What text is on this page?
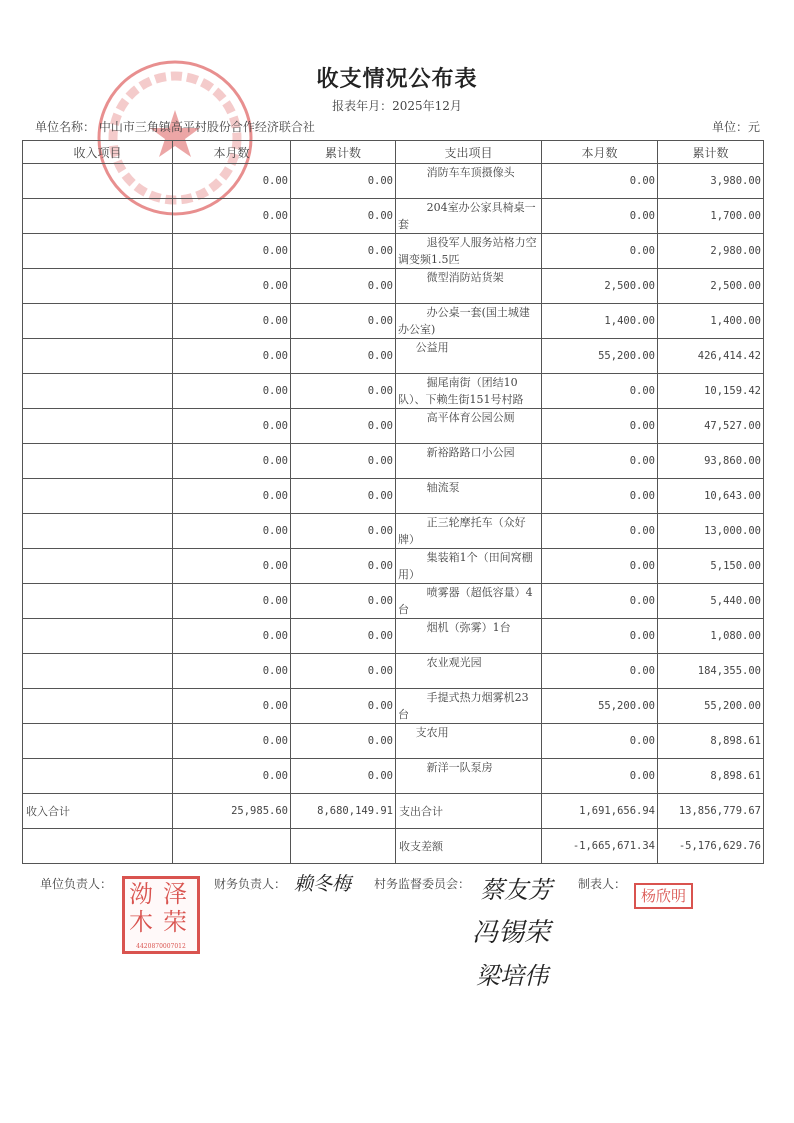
收支情况公布表
报表年月：2025年12月
单位名称： 中山市三角镇高平村股份合作经济联合社	单位：元
收入项目	本月数	累计数	支出项目	本月数	累计数

	0.00	0.00	消防车车顶摄像头	0.00	3,980.00

	0.00	0.00	204室办公家具椅桌一套	0.00	1,700.00

	0.00	0.00	退役军人服务站格力空调变频1.5匹	0.00	2,980.00

	0.00	0.00	微型消防站货架	2,500.00	2,500.00

	0.00	0.00	办公桌一套(国土城建办公室)	1,400.00	1,400.00

	0.00	0.00	公益用	55,200.00	426,414.42

	0.00	0.00	掘尾南街（团结10队）、下赖生街151号村路	0.00	10,159.42

	0.00	0.00	高平体育公园公厕	0.00	47,527.00

	0.00	0.00	新裕路路口小公园	0.00	93,860.00

	0.00	0.00	轴流泵	0.00	10,643.00

	0.00	0.00	正三轮摩托车（众好牌）	0.00	13,000.00

	0.00	0.00	集装箱1个（田间窝棚用）	0.00	5,150.00

	0.00	0.00	喷雾器（超低容量）4台	0.00	5,440.00

	0.00	0.00	烟机（弥雾）1台	0.00	1,080.00

	0.00	0.00	农业观光园	0.00	184,355.00

	0.00	0.00	手提式热力烟雾机23台	55,200.00	55,200.00

	0.00	0.00	支农用	0.00	8,898.61

	0.00	0.00	新洋一队泵房	0.00	8,898.61
收入合计	25,985.60	8,680,149.91	支出合计	1,691,656.94	13,856,779.67
			收支差额	-1,665,671.34	-5,176,629.76
单位负责人： 泽
荣
泑
木
4420870007012
财务负责人： 赖冬梅 村务监督委员会： 蔡友芳
冯锡荣
梁培伟
制表人：
杨欣明
